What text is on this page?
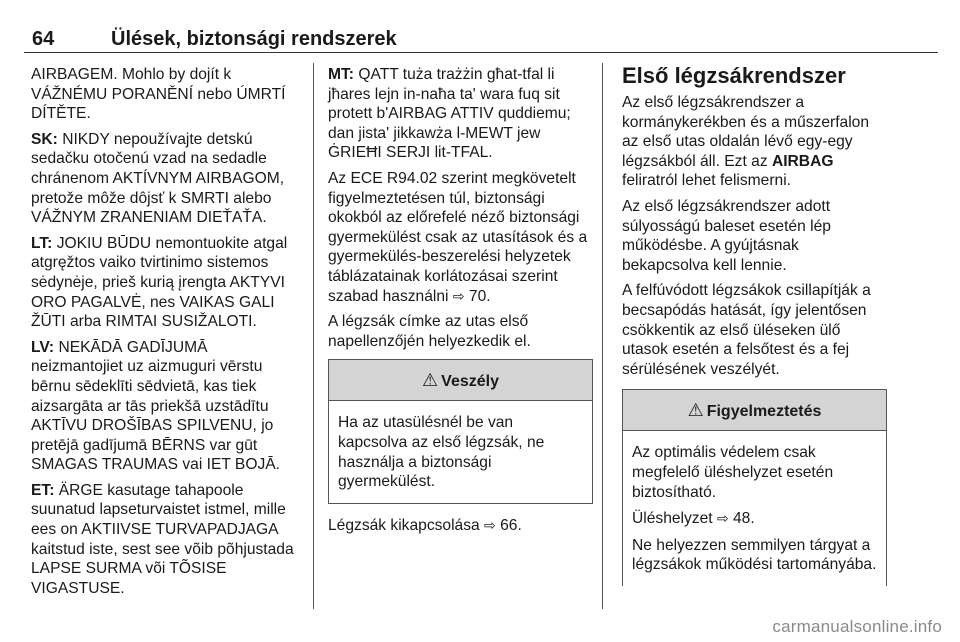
64	Ülések, biztonsági rendszerek

AIRBAGEM. Mohlo by dojít k VÁŽNÉMU PORANĚNÍ nebo ÚMRTÍ DÍTĚTE.

SK: NIKDY nepoužívajte detskú sedačku otočenú vzad na sedadle chránenom AKTÍVNYM AIRBAGOM, pretože môže dôjsť k SMRTI alebo VÁŽNYM ZRANENIAM DIEŤAŤA.

LT: JOKIU BŪDU nemontuokite atgal atgręžtos vaiko tvirtinimo sistemos sėdynėje, prieš kurią įrengta AKTYVI ORO PAGALVĖ, nes VAIKAS GALI ŽŪTI arba RIMTAI SUSIŽALOTI.

LV: NEKĀDĀ GADĪJUMĀ neizmantojiet uz aizmuguri vērstu bērnu sēdeklīti sēdvietā, kas tiek aizsargāta ar tās priekšā uzstādītu AKTĪVU DROŠĪBAS SPILVENU, jo pretējā gadījumā BĒRNS var gūt SMAGAS TRAUMAS vai IET BOJĀ.

ET: ÄRGE kasutage tahapoole suunatud lapseturvaistet istmel, mille ees on AKTIIVSE TURVAPADJAGA kaitstud iste, sest see võib põhjustada LAPSE SURMA või TÕSISE VIGASTUSE.

MT: QATT tuża trażżin għat-tfal li jħares lejn in-naħa ta' wara fuq sit protett b'AIRBAG ATTIV quddiemu; dan jista' jikkawża l-MEWT jew ĠRIEĦI SERJI lit-TFAL.

Az ECE R94.02 szerint megkövetelt figyelmeztetésen túl, biztonsági okokból az előrefelé néző biztonsági gyermekülést csak az utasítások és a gyermekülés-beszerelési helyzetek táblázatainak korlátozásai szerint szabad használni ⇨ 70.

A légzsák címke az utas első napellenzőjén helyezkedik el.

⚠ Veszély

Ha az utasülésnél be van kapcsolva az első légzsák, ne használja a biztonsági gyermekülést.

Légzsák kikapcsolása ⇨ 66.

Első légzsákrendszer

Az első légzsákrendszer a kormánykerékben és a műszerfalon az első utas oldalán lévő egy-egy légzsákból áll. Ezt az AIRBAG feliratról lehet felismerni.

Az első légzsákrendszer adott súlyosságú baleset esetén lép működésbe. A gyújtásnak bekapcsolva kell lennie.

A felfúvódott légzsákok csillapítják a becsapódás hatását, így jelentősen csökkentik az első üléseken ülő utasok esetén a felsőtest és a fej sérülésének veszélyét.

⚠ Figyelmeztetés

Az optimális védelem csak megfelelő üléshelyzet esetén biztosítható.

Üléshelyzet ⇨ 48.

Ne helyezzen semmilyen tárgyat a légzsákok működési tartományába.

carmanualsonline.info
